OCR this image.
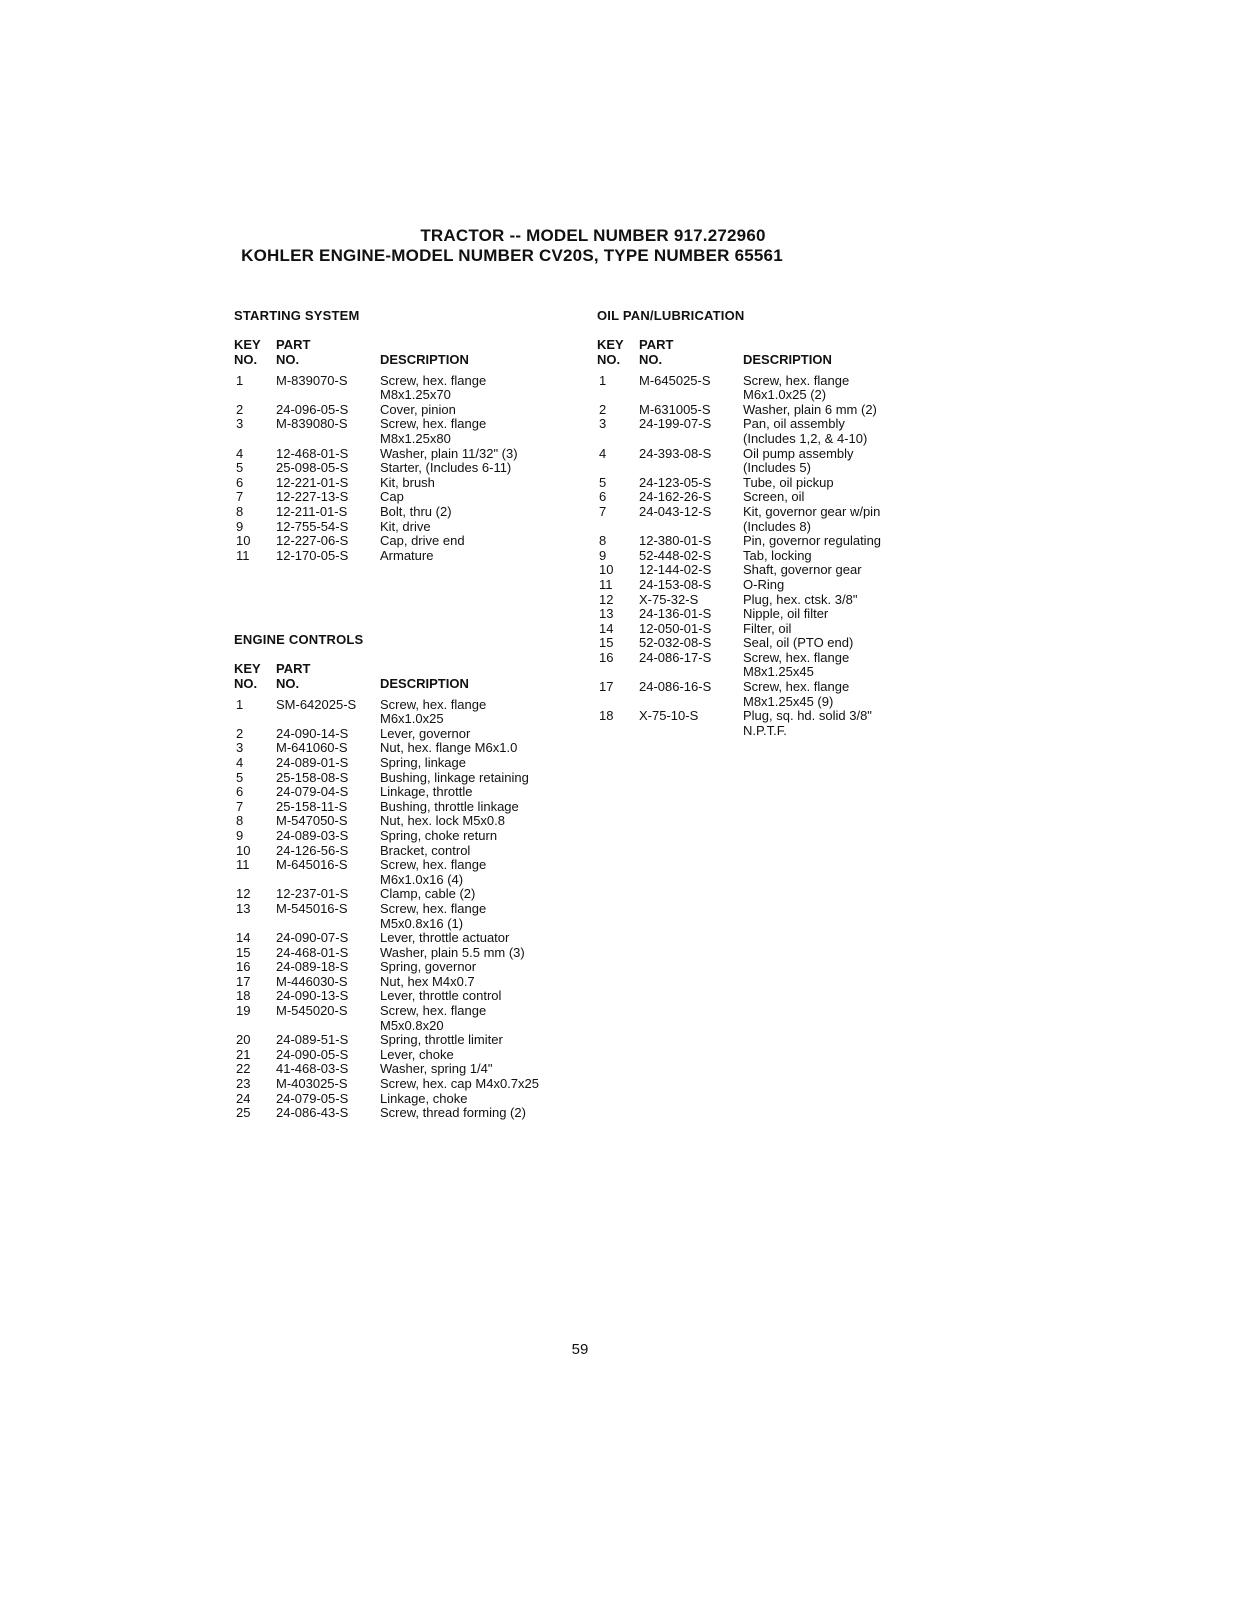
TRACTOR -- MODEL NUMBER 917.272960
KOHLER ENGINE-MODEL NUMBER CV20S, TYPE NUMBER 65561
STARTING SYSTEM
KEY
NO.
PART
NO.	DESCRIPTION
1	M-839070-S Screw, hex. flange
M8x1.25x70
2	24-096-05-S Cover, pinion
3	M-839080-S Screw, hex. flange
M8x1.25x80
4	12-468-01-S Washer, plain 11/32" (3)
5	25-098-05-S Starter, (Includes 6-11)
6	12-221-01-S Kit, brush
7	12-227-13-S Cap
8	12-211-01-S	Bolt, thru (2)
9	12-755-54-S Kit, drive
10 12-227-06-S Cap, drive end
11 12-170-05-S Armature
ENGINE CONTROLS
KEY
NO.
PART
NO.	DESCRIPTION
1	SM-642025-S Screw, hex. flange
M6x1.0x25
2	24-090-14-S Lever, governor
3	M-641060-S Nut, hex. flange M6x1.0
4	24-089-01-S Spring, linkage
5	25-158-08-S Bushing, linkage retaining
6	24-079-04-S Linkage, throttle
7	25-158-11-S	Bushing, throttle linkage
8	M-547050-S Nut, hex. lock M5x0.8
9	24-089-03-S Spring, choke return
10 24-126-56-S Bracket, control
11 M-645016-S Screw, hex. flange
M6x1.0x16 (4)
12 12-237-01-S Clamp, cable (2)
13 M-545016-S Screw, hex. flange
M5x0.8x16 (1)
14 24-090-07-S Lever, throttle actuator
15 24-468-01-S Washer, plain 5.5 mm (3)
16 24-089-18-S Spring, governor
17 M-446030-S Nut, hex M4x0.7
18 24-090-13-S Lever, throttle control
19 M-545020-S Screw, hex. flange
M5x0.8x20
20 24-089-51-S Spring, throttle limiter
21 24-090-05-S Lever, choke
22 41-468-03-S Washer, spring 1/4"
23 M-403025-S Screw, hex. cap M4x0.7x25
24 24-079-05-S Linkage, choke
25 24-086-43-S Screw, thread forming (2)
OIL PAN/LUBRICATION
KEY
NO.
PART
NO.	DESCRIPTION
1	M-645025-S Screw, hex. flange
M6x1.0x25 (2)
2	M-631005-S Washer, plain 6 mm (2)
3	24-199-07-S Pan, oil assembly
(Includes 1,2, & 4-10)
4	24-393-08-S Oil pump assembly
(Includes 5)
5	24-123-05-S Tube, oil pickup
6	24-162-26-S Screen, oil
7	24-043-12-S Kit, governor gear w/pin
(Includes 8)
8	12-380-01-S Pin, governor regulating
9	52-448-02-S Tab, locking
10 12-144-02-S Shaft, governor gear
11 24-153-08-S O-Ring
12 X-75-32-S	Plug, hex. ctsk. 3/8"
13 24-136-01-S Nipple, oil filter
14 12-050-01-S Filter, oil
15 52-032-08-S Seal, oil (PTO end)
16 24-086-17-S Screw, hex. flange
M8x1.25x45
17 24-086-16-S Screw, hex. flange
M8x1.25x45 (9)
18 X-75-10-S	Plug, sq. hd. solid 3/8"
N.P.T.F.
59
